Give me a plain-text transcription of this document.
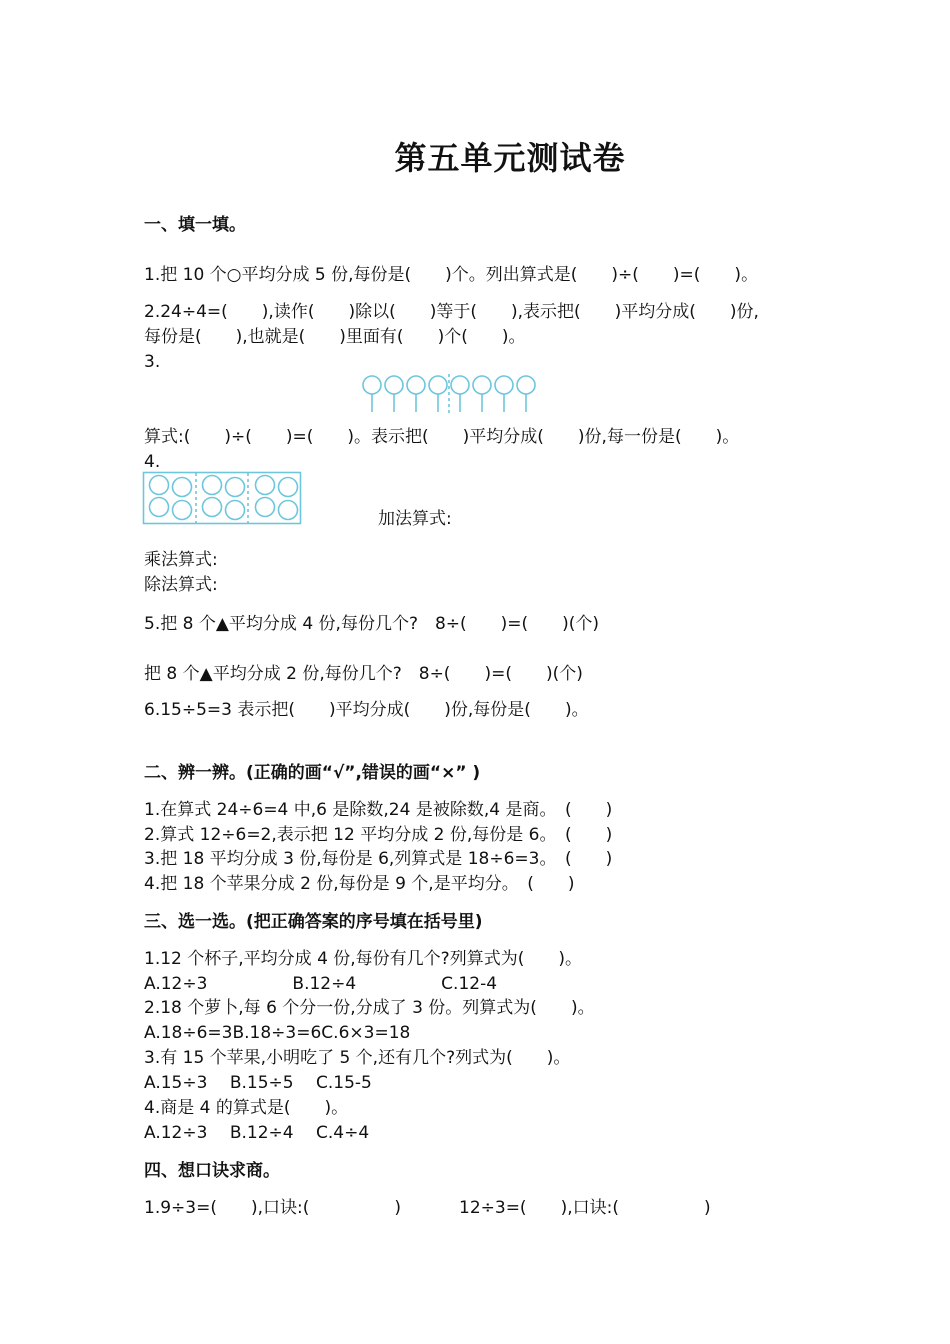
第五单元测试卷
一、填一填。
1.把 10 个○平均分成 5 份,每份是(　　)个。列出算式是(　　)÷(　　)=(　　)。
2.24÷4=(　　),读作(　　)除以(　　)等于(　　),表示把(　　)平均分成(　　)份,
每份是(　　),也就是(　　)里面有(　　)个(　　)。
3.
算式:(　　)÷(　　)=(　　)。表示把(　　)平均分成(　　)份,每一份是(　　)。
4.
加法算式:
乘法算式:
除法算式:
5.把 8 个▲平均分成 4 份,每份几个?　8÷(　　)=(　　)(个)
把 8 个▲平均分成 2 份,每份几个?　8÷(　　)=(　　)(个)
6.15÷5=3 表示把(　　)平均分成(　　)份,每份是(　　)。
二、辨一辨。(正确的画“√”,错误的画“×” )
1.在算式 24÷6=4 中,6 是除数,24 是被除数,4 是商。　(　　)
2.算式 12÷6=2,表示把 12 平均分成 2 份,每份是 6。　(　　)
3.把 18 平均分成 3 份,每份是 6,列算式是 18÷6=3。　(　　)
4.把 18 个苹果分成 2 份,每份是 9 个,是平均分。　(　　)
三、选一选。(把正确答案的序号填在括号里)
1.12 个杯子,平均分成 4 份,每份有几个?列算式为(　　)。
A.12÷3　　　　　B.12÷4　　　　　C.12-4
2.18 个萝卜,每 6 个分一份,分成了 3 份。列算式为(　　)。
A.18÷6=3B.18÷3=6C.6×3=18
3.有 15 个苹果,小明吃了 5 个,还有几个?列式为(　　)。
A.15÷3　 B.15÷5　 C.15-5
4.商是 4 的算式是(　　)。
A.12÷3　 B.12÷4　 C.4÷4
四、想口诀求商。
1.9÷3=(　　),口诀:(　　　　　)	12÷3=(　　),口诀:(　　　　　)
